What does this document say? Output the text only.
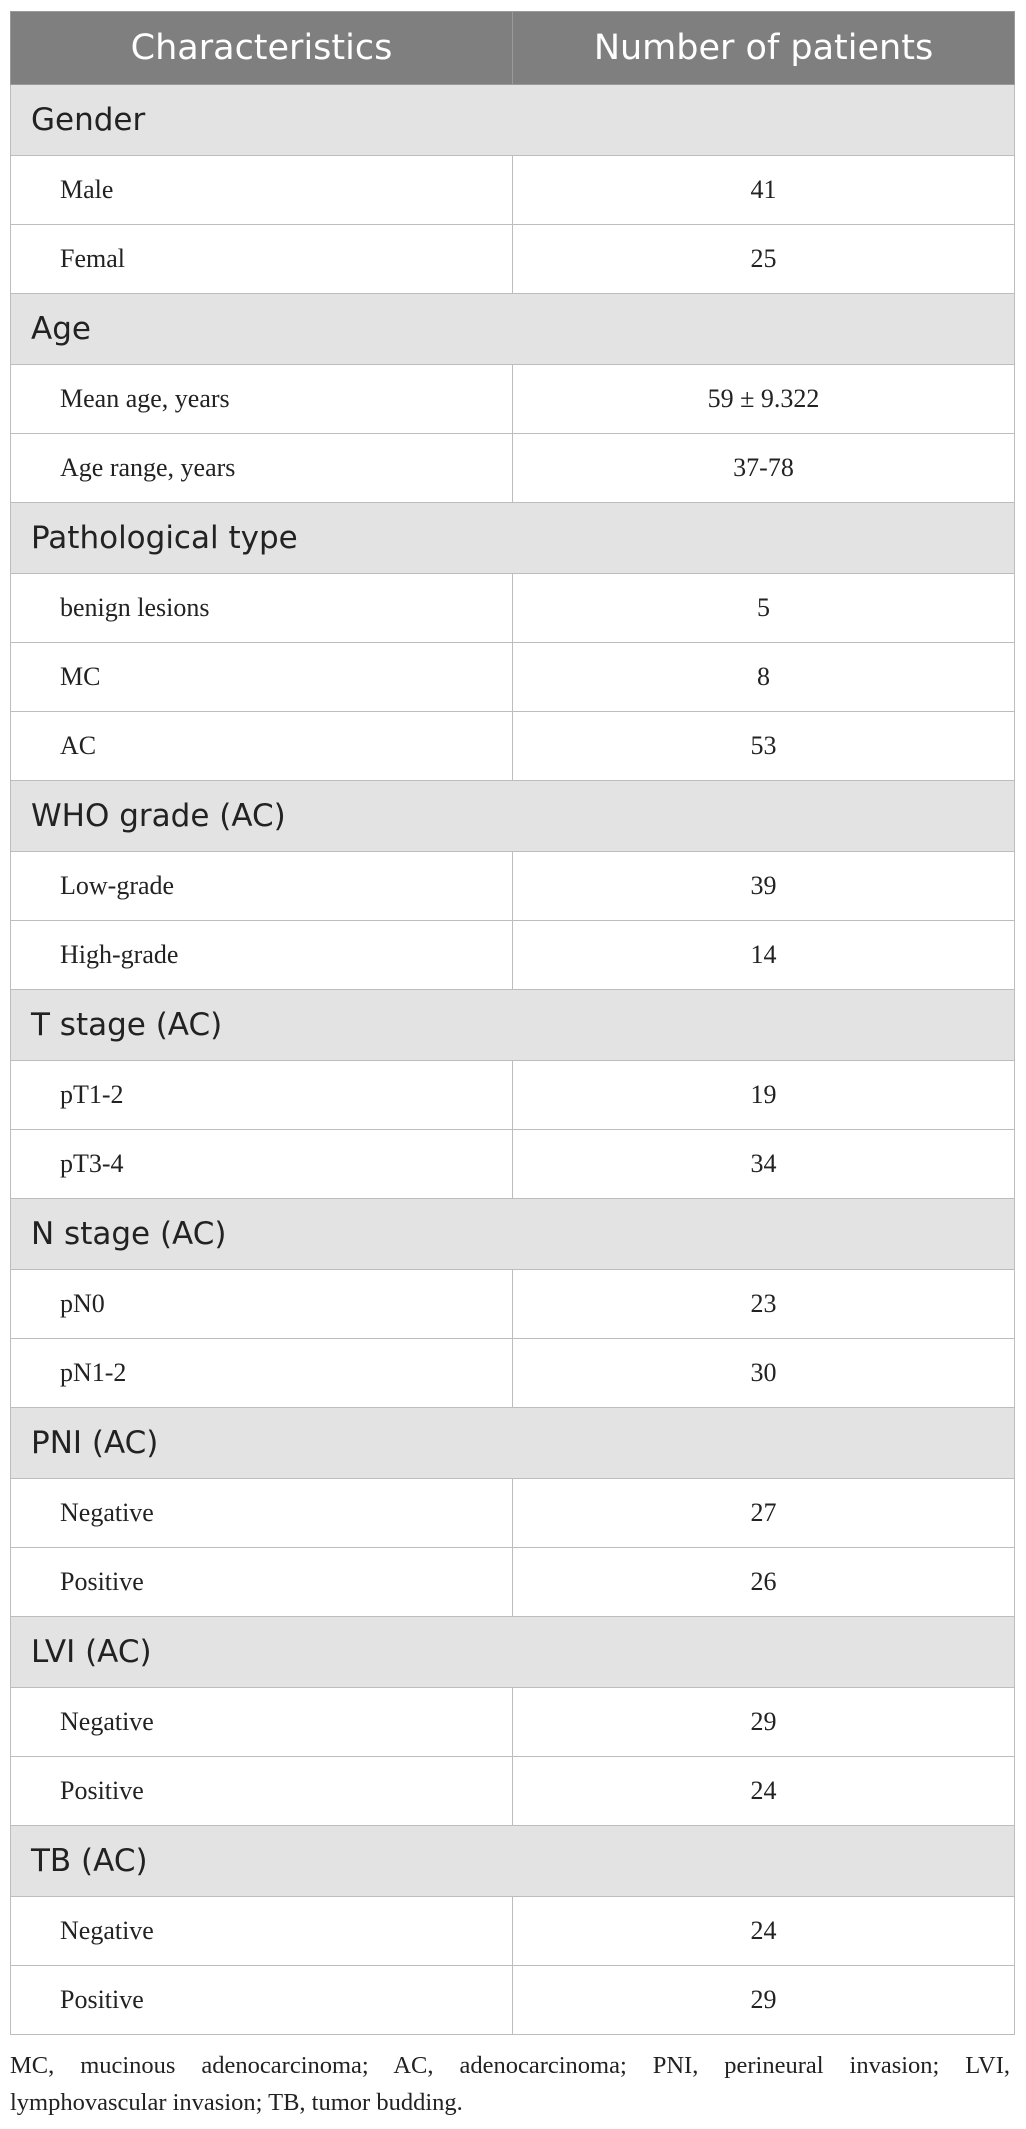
Characteristics	Number of patients
Gender	
Male	41
Femal	25
Age	
Mean age, years	59 ± 9.322
Age range, years	37-78
Pathological type	
benign lesions	5
MC	8
AC	53
WHO grade (AC)	
Low-grade	39
High-grade	14
T stage (AC)	
pT1-2	19
pT3-4	34
N stage (AC)	
pN0	23
pN1-2	30
PNI (AC)	
Negative	27
Positive	26
LVI (AC)	
Negative	29
Positive	24
TB (AC)	
Negative	24
Positive	29
MC, mucinous adenocarcinoma; AC, adenocarcinoma; PNI, perineural invasion; LVI, lymphovascular invasion; TB, tumor budding.
